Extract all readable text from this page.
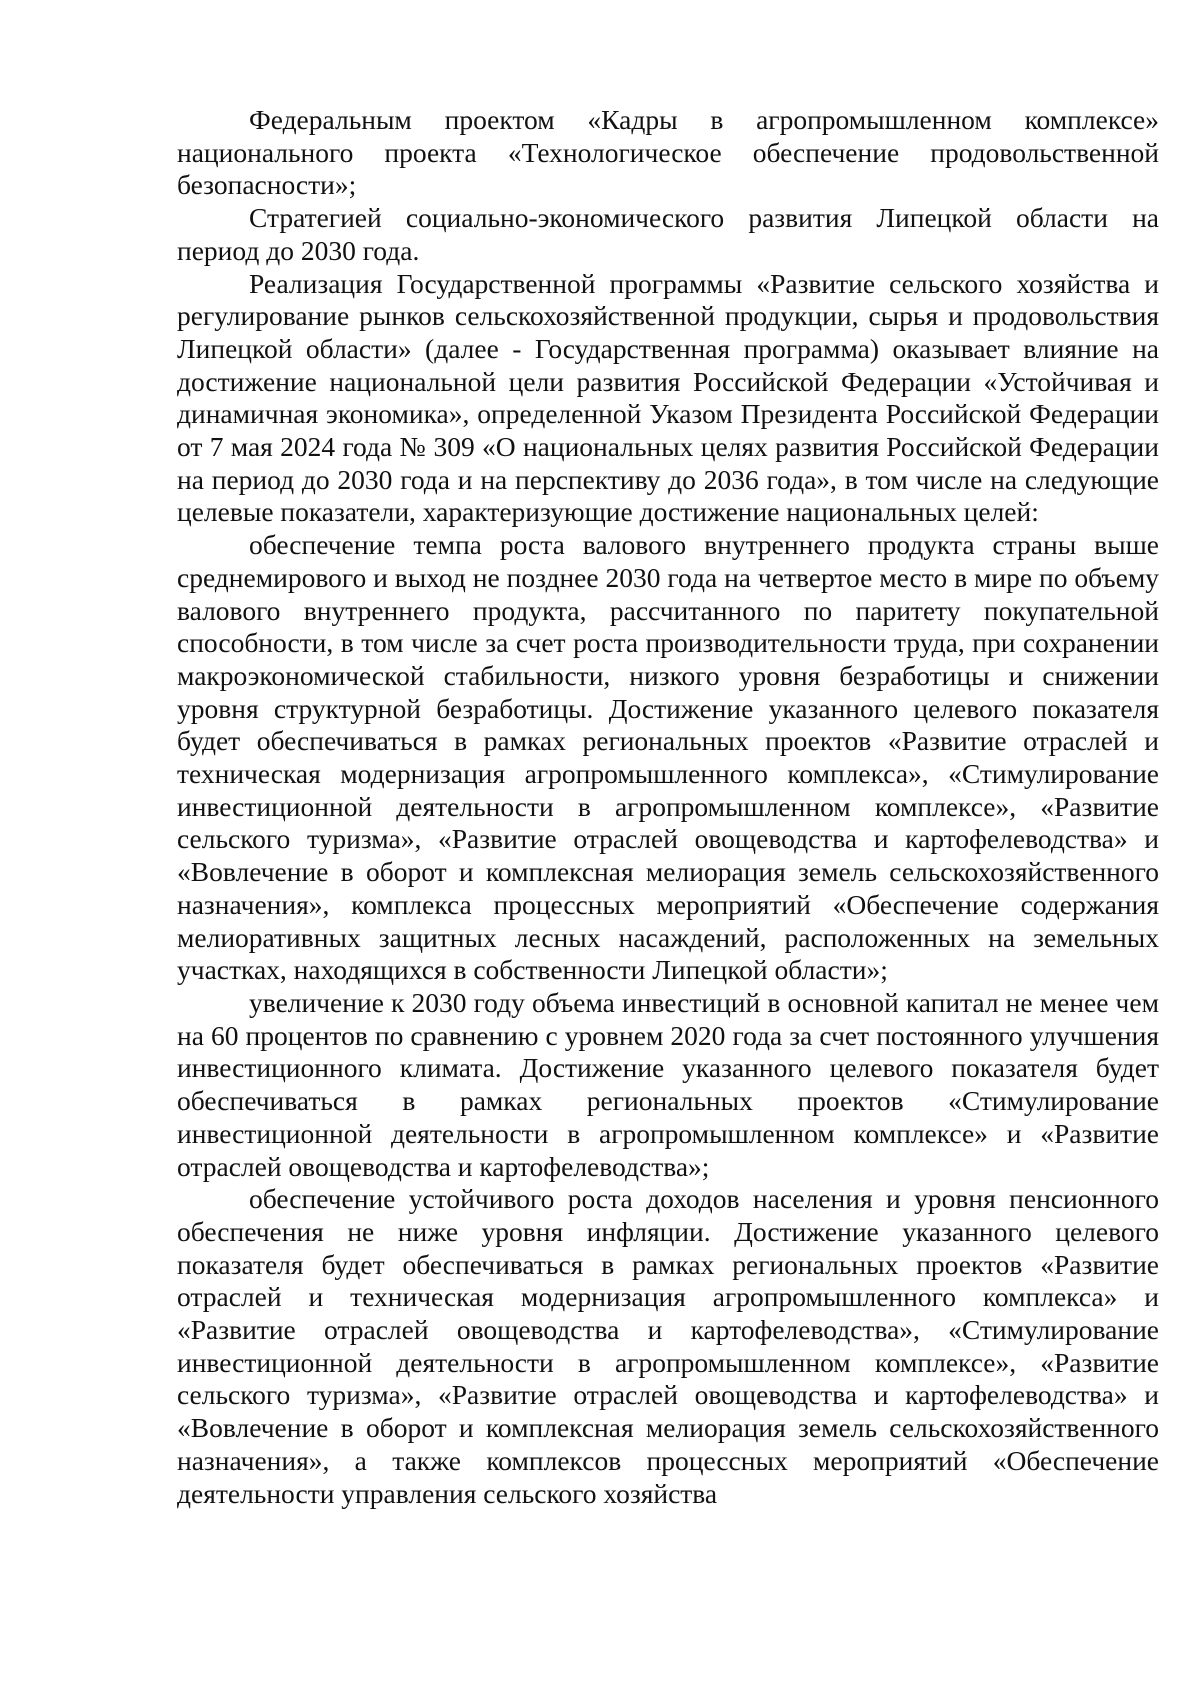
Федеральным проектом «Кадры в агропромышленном комплексе» национального проекта «Технологическое обеспечение продовольственной безопасности»;

Стратегией социально-экономического развития Липецкой области на период до 2030 года.

Реализация Государственной программы «Развитие сельского хозяйства и регулирование рынков сельскохозяйственной продукции, сырья и продовольствия Липецкой области» (далее - Государственная программа) оказывает влияние на достижение национальной цели развития Российской Федерации «Устойчивая и динамичная экономика», определенной Указом Президента Российской Федерации от 7 мая 2024 года № 309 «О национальных целях развития Российской Федерации на период до 2030 года и на перспективу до 2036 года», в том числе на следующие целевые показатели, характеризующие достижение национальных целей:

обеспечение темпа роста валового внутреннего продукта страны выше среднемирового и выход не позднее 2030 года на четвертое место в мире по объему валового внутреннего продукта, рассчитанного по паритету покупательной способности, в том числе за счет роста производительности труда, при сохранении макроэкономической стабильности, низкого уровня безработицы и снижении уровня структурной безработицы. Достижение указанного целевого показателя будет обеспечиваться в рамках региональных проектов «Развитие отраслей и техническая модернизация агропромышленного комплекса», «Стимулирование инвестиционной деятельности в агропромышленном комплексе», «Развитие сельского туризма», «Развитие отраслей овощеводства и картофелеводства» и «Вовлечение в оборот и комплексная мелиорация земель сельскохозяйственного назначения», комплекса процессных мероприятий «Обеспечение содержания мелиоративных защитных лесных насаждений, расположенных на земельных участках, находящихся в собственности Липецкой области»;

увеличение к 2030 году объема инвестиций в основной капитал не менее чем на 60 процентов по сравнению с уровнем 2020 года за счет постоянного улучшения инвестиционного климата. Достижение указанного целевого показателя будет обеспечиваться в рамках региональных проектов «Стимулирование инвестиционной деятельности в агропромышленном комплексе» и «Развитие отраслей овощеводства и картофелеводства»;

обеспечение устойчивого роста доходов населения и уровня пенсионного обеспечения не ниже уровня инфляции. Достижение указанного целевого показателя будет обеспечиваться в рамках региональных проектов «Развитие отраслей и техническая модернизация агропромышленного комплекса» и «Развитие отраслей овощеводства и картофелеводства», «Стимулирование инвестиционной деятельности в агропромышленном комплексе», «Развитие сельского туризма», «Развитие отраслей овощеводства и картофелеводства» и «Вовлечение в оборот и комплексная мелиорация земель сельскохозяйственного назначения», а также комплексов процессных мероприятий «Обеспечение деятельности управления сельского хозяйства
